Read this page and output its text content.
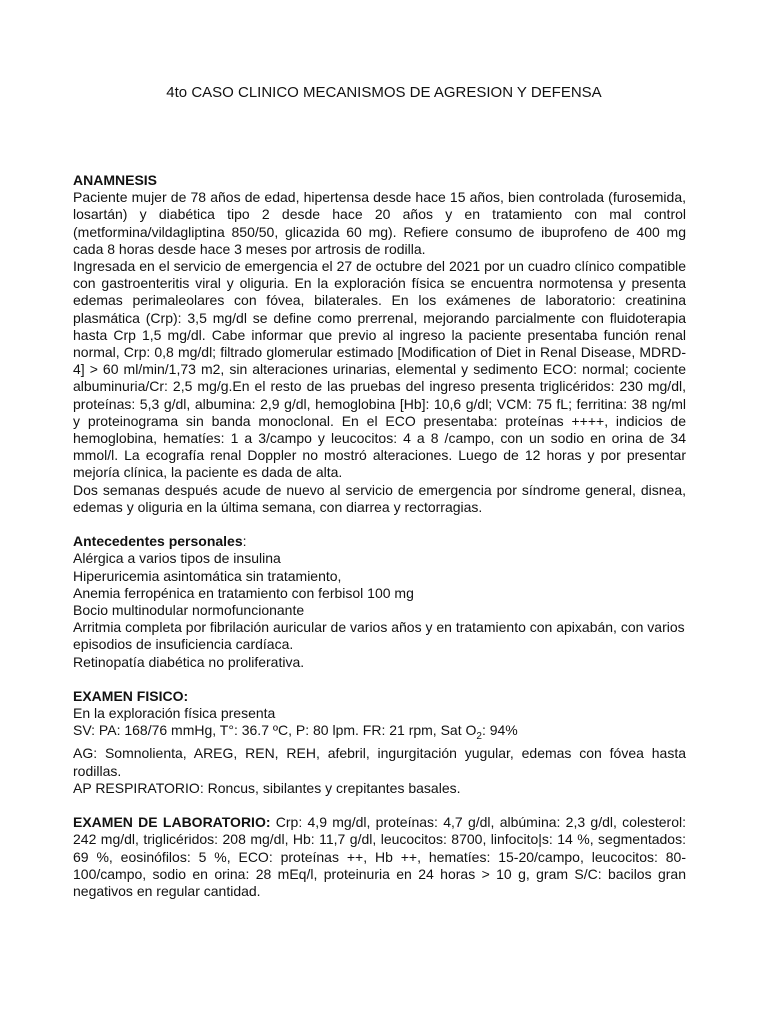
4to CASO CLINICO MECANISMOS DE AGRESION Y DEFENSA

ANAMNESIS

Paciente mujer de 78 años de edad, hipertensa desde hace 15 años, bien controlada (furosemida, losartán) y diabética tipo 2 desde hace 20 años y en tratamiento con mal control (metformina/vildagliptina 850/50, glicazida 60 mg). Refiere consumo de ibuprofeno de 400 mg cada 8 horas desde hace 3 meses por artrosis de rodilla.

Ingresada en el servicio de emergencia el 27 de octubre del 2021 por un cuadro clínico compatible con gastroenteritis viral y oliguria. En la exploración física se encuentra normotensa y presenta edemas perimaleolares con fóvea, bilaterales. En los exámenes de laboratorio: creatinina plasmática (Crp): 3,5 mg/dl se define como prerrenal, mejorando parcialmente con fluidoterapia hasta Crp 1,5 mg/dl. Cabe informar que previo al ingreso la paciente presentaba función renal normal, Crp: 0,8 mg/dl; filtrado glomerular estimado [Modification of Diet in Renal Disease, MDRD-4] > 60 ml/min/1,73 m2, sin alteraciones urinarias, elemental y sedimento ECO: normal; cociente albuminuria/Cr: 2,5 mg/g.En el resto de las pruebas del ingreso presenta triglicéridos: 230 mg/dl, proteínas: 5,3 g/dl, albumina: 2,9 g/dl, hemoglobina [Hb]: 10,6 g/dl; VCM: 75 fL; ferritina: 38 ng/ml y proteinograma sin banda monoclonal. En el ECO presentaba: proteínas ++++, indicios de hemoglobina, hematíes: 1 a 3/campo y leucocitos: 4 a 8 /campo, con un sodio en orina de 34 mmol/l. La ecografía renal Doppler no mostró alteraciones. Luego de 12 horas y por presentar mejoría clínica, la paciente es dada de alta.

Dos semanas después acude de nuevo al servicio de emergencia por síndrome general, disnea, edemas y oliguria en la última semana, con diarrea y rectorragias.

Antecedentes personales:

Alérgica a varios tipos de insulina

Hiperuricemia asintomática sin tratamiento,

Anemia ferropénica en tratamiento con ferbisol 100 mg

Bocio multinodular normofuncionante

Arritmia completa por fibrilación auricular de varios años y en tratamiento con apixabán, con varios episodios de insuficiencia cardíaca.

Retinopatía diabética no proliferativa.

EXAMEN FISICO:

En la exploración física presenta

SV: PA: 168/76 mmHg, T°: 36.7 ºC, P: 80 lpm. FR: 21 rpm, Sat $O_2$: 94%

AG: Somnolienta, AREG, REN, REH, afebril, ingurgitación yugular, edemas con fóvea hasta rodillas.

AP RESPIRATORIO: Roncus, sibilantes y crepitantes basales.

EXAMEN DE LABORATORIO: Crp: 4,9 mg/dl, proteínas: 4,7 g/dl, albúmina: 2,3 g/dl, colesterol: 242 mg/dl, triglicéridos: 208 mg/dl, Hb: 11,7 g/dl, leucocitos: 8700, linfocito|s: 14 %, segmentados: 69 %, eosinófilos: 5 %, ECO: proteínas ++, Hb ++, hematíes: 15-20/campo, leucocitos: 80-100/campo, sodio en orina: 28 mEq/l, proteinuria en 24 horas > 10 g, gram S/C: bacilos gran negativos en regular cantidad.
